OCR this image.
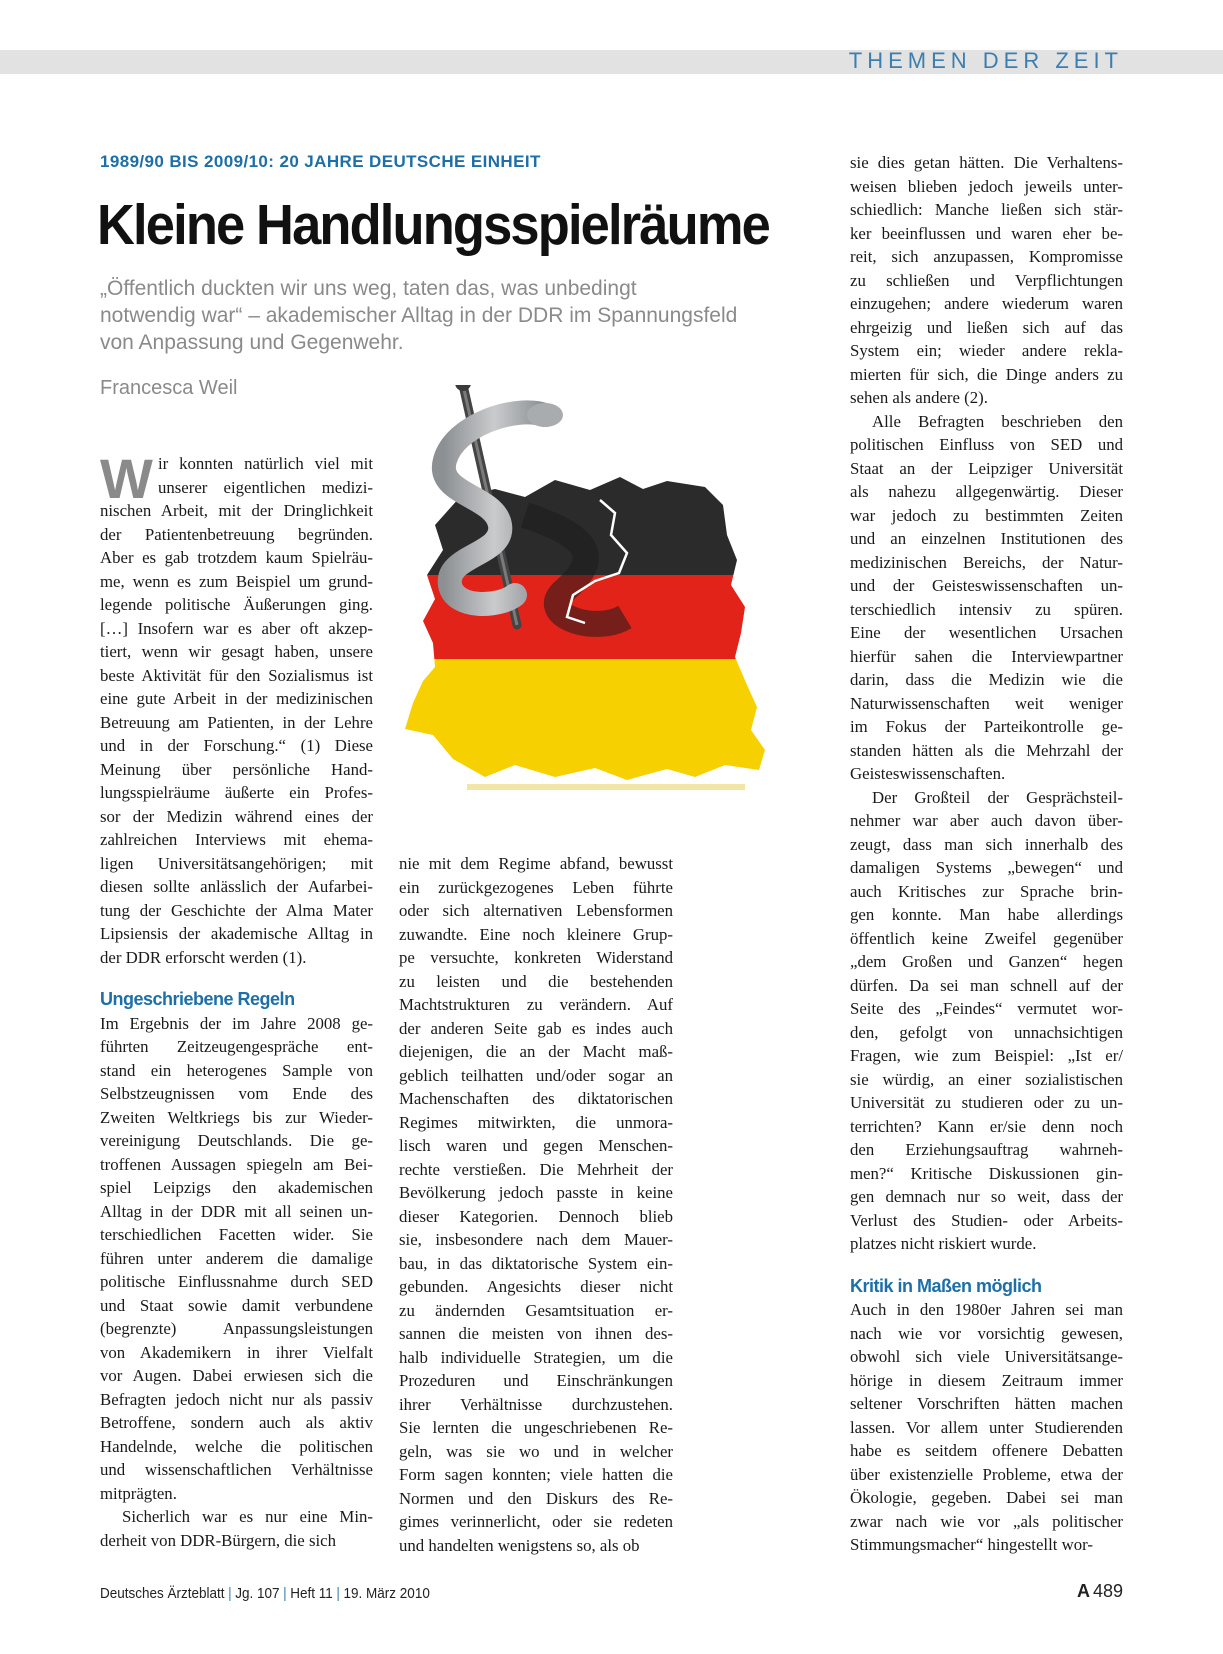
THEMEN DER ZEIT
1989/90 BIS 2009/10: 20 JAHRE DEUTSCHE EINHEIT
Kleine Handlungsspielräume
„Öffentlich duckten wir uns weg, taten das, was unbedingt
notwendig war“ – akademischer Alltag in der DDR im Spannungsfeld
von Anpassung und Gegenwehr.
Francesca Weil
W ir konnten natürlich viel mit
unserer eigentlichen medizi-
nischen Arbeit, mit der Dringlichkeit
der Patientenbetreuung begründen.
Aber es gab trotzdem kaum Spielräu-
me, wenn es zum Beispiel um grund-
legende politische Äußerungen ging.
[…] Insofern war es aber oft akzep-
tiert, wenn wir gesagt haben, unsere
beste Aktivität für den Sozialismus ist
eine gute Arbeit in der medizinischen
Betreuung am Patienten, in der Lehre
und in der Forschung.“ (1) Diese
Meinung über persönliche Hand-
lungsspielräume äußerte ein Profes-
sor der Medizin während eines der
zahlreichen Interviews mit ehema-
ligen Universitätsangehörigen; mit
diesen sollte anlässlich der Aufarbei-
tung der Geschichte der Alma Mater
Lipsiensis der akademische Alltag in
der DDR erforscht werden (1).
Ungeschriebene Regeln
Im Ergebnis der im Jahre 2008 ge-
führten Zeitzeugengespräche ent-
stand ein heterogenes Sample von
Selbstzeugnissen vom Ende des
Zweiten Weltkriegs bis zur Wieder-
vereinigung Deutschlands. Die ge-
troffenen Aussagen spiegeln am Bei-
spiel Leipzigs den akademischen
Alltag in der DDR mit all seinen un-
terschiedlichen Facetten wider. Sie
führen unter anderem die damalige
politische Einflussnahme durch SED
und Staat sowie damit verbundene
(begrenzte) Anpassungsleistungen
von Akademikern in ihrer Vielfalt
vor Augen. Dabei erwiesen sich die
Befragten jedoch nicht nur als passiv
Betroffene, sondern auch als aktiv
Handelnde, welche die politischen
und wissenschaftlichen Verhältnisse
mitprägten.
Sicherlich war es nur eine Min-
derheit von DDR-Bürgern, die sich
nie mit dem Regime abfand, bewusst
ein zurückgezogenes Leben führte
oder sich alternativen Lebensformen
zuwandte. Eine noch kleinere Grup-
pe versuchte, konkreten Widerstand
zu leisten und die bestehenden
Machtstrukturen zu verändern. Auf
der anderen Seite gab es indes auch
diejenigen, die an der Macht maß-
geblich teilhatten und/oder sogar an
Machenschaften des diktatorischen
Regimes mitwirkten, die unmora-
lisch waren und gegen Menschen-
rechte verstießen. Die Mehrheit der
Bevölkerung jedoch passte in keine
dieser Kategorien. Dennoch blieb
sie, insbesondere nach dem Mauer-
bau, in das diktatorische System ein-
gebunden. Angesichts dieser nicht
zu ändernden Gesamtsituation er-
sannen die meisten von ihnen des-
halb individuelle Strategien, um die
Prozeduren und Einschränkungen
ihrer Verhältnisse durchzustehen.
Sie lernten die ungeschriebenen Re-
geln, was sie wo und in welcher
Form sagen konnten; viele hatten die
Normen und den Diskurs des Re-
gimes verinnerlicht, oder sie redeten
und handelten wenigstens so, als ob
sie dies getan hätten. Die Verhaltens-
weisen blieben jedoch jeweils unter-
schiedlich: Manche ließen sich stär-
ker beeinflussen und waren eher be-
reit, sich anzupassen, Kompromisse
zu schließen und Verpflichtungen
einzugehen; andere wiederum waren
ehrgeizig und ließen sich auf das
System ein; wieder andere rekla-
mierten für sich, die Dinge anders zu
sehen als andere (2).
Alle Befragten beschrieben den
politischen Einfluss von SED und
Staat an der Leipziger Universität
als nahezu allgegenwärtig. Dieser
war jedoch zu bestimmten Zeiten
und an einzelnen Institutionen des
medizinischen Bereichs, der Natur-
und der Geisteswissenschaften un-
terschiedlich intensiv zu spüren.
Eine der wesentlichen Ursachen
hierfür sahen die Interviewpartner
darin, dass die Medizin wie die
Naturwissenschaften weit weniger
im Fokus der Parteikontrolle ge-
standen hätten als die Mehrzahl der
Geisteswissenschaften.
Der Großteil der Gesprächsteil-
nehmer war aber auch davon über-
zeugt, dass man sich innerhalb des
damaligen Systems „bewegen“ und
auch Kritisches zur Sprache brin-
gen konnte. Man habe allerdings
öffentlich keine Zweifel gegenüber
„dem Großen und Ganzen“ hegen
dürfen. Da sei man schnell auf der
Seite des „Feindes“ vermutet wor-
den, gefolgt von unnachsichtigen
Fragen, wie zum Beispiel: „Ist er/
sie würdig, an einer sozialistischen
Universität zu studieren oder zu un-
terrichten? Kann er/sie denn noch
den Erziehungsauftrag wahrneh-
men?“ Kritische Diskussionen gin-
gen demnach nur so weit, dass der
Verlust des Studien- oder Arbeits-
platzes nicht riskiert wurde.
Kritik in Maßen möglich
Auch in den 1980er Jahren sei man
nach wie vor vorsichtig gewesen,
obwohl sich viele Universitätsange-
hörige in diesem Zeitraum immer
seltener Vorschriften hätten machen
lassen. Vor allem unter Studierenden
habe es seitdem offenere Debatten
über existenzielle Probleme, etwa der
Ökologie, gegeben. Dabei sei man
zwar nach wie vor „als politischer
Stimmungsmacher“ hingestellt wor-
Deutsches Ärzteblatt | Jg. 107 | Heft 11 | 19. März 2010	A 489
